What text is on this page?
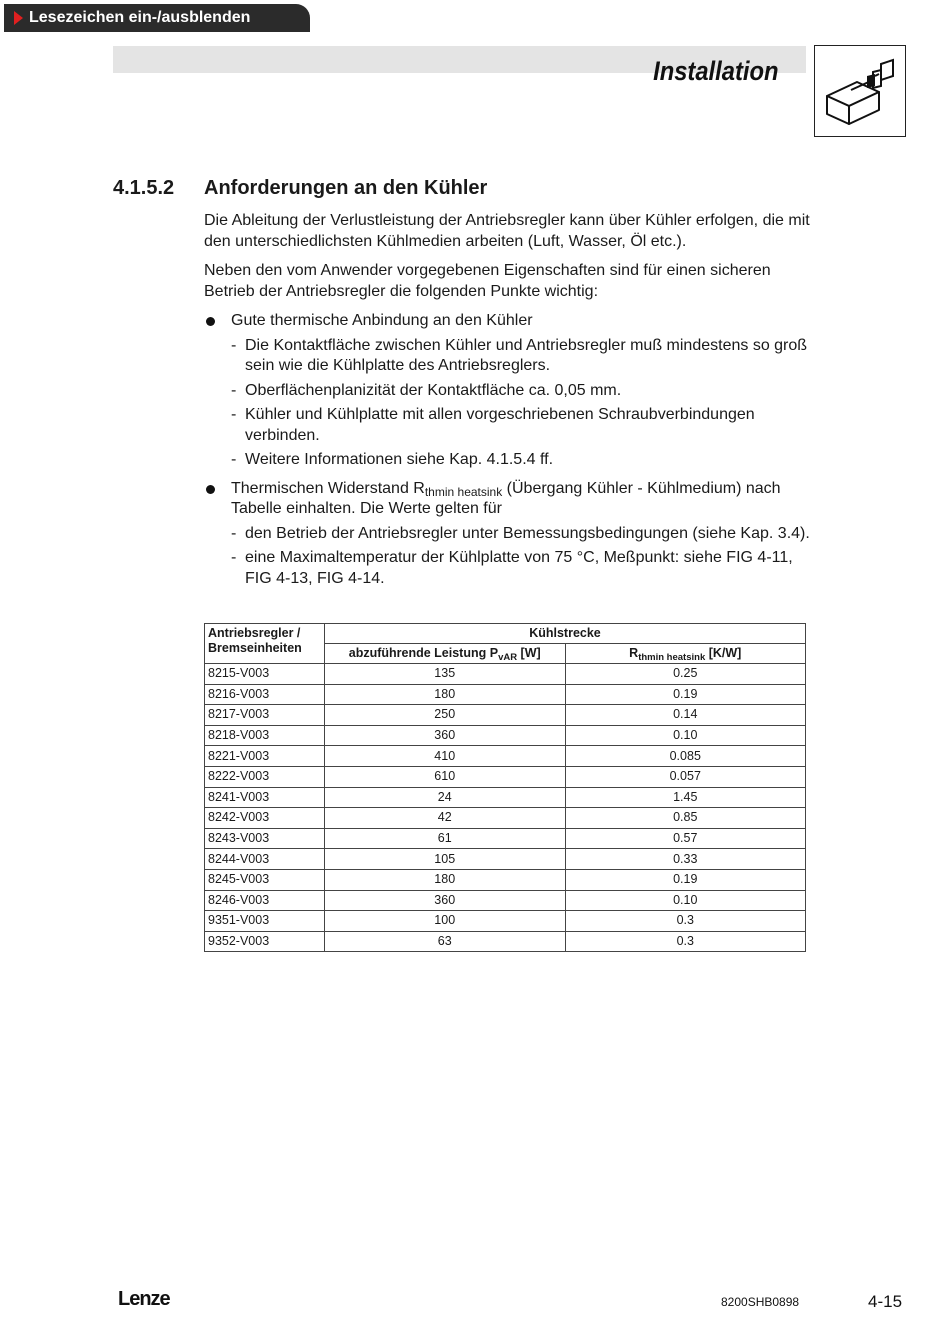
Lesezeichen ein-/ausblenden
Installation
4.1.5.2 Anforderungen an den Kühler

Die Ableitung der Verlustleistung der Antriebsregler kann über Kühler erfolgen, die mit den unterschiedlichsten Kühlmedien arbeiten (Luft, Wasser, Öl etc.).

Neben den vom Anwender vorgegebenen Eigenschaften sind für einen sicheren Betrieb der Antriebsregler die folgenden Punkte wichtig:

Gute thermische Anbindung an den Kühler
- Die Kontaktfläche zwischen Kühler und Antriebsregler muß mindestens so groß sein wie die Kühlplatte des Antriebsreglers.
- Oberflächenplanizität der Kontaktfläche ca. 0,05 mm.
- Kühler und Kühlplatte mit allen vorgeschriebenen Schraubverbindungen verbinden.
- Weitere Informationen siehe Kap. 4.1.5.4 ff.
Thermischen Widerstand $R_{thmin heatsink}$ (Übergang Kühler - Kühlmedium) nach Tabelle einhalten. Die Werte gelten für
- den Betrieb der Antriebsregler unter Bemessungsbedingungen (siehe Kap. 3.4).
- eine Maximaltemperatur der Kühlplatte von 75 °C, Meßpunkt: siehe FIG 4-11, FIG 4-13, FIG 4-14.
Antriebsregler / Bremseinheiten	Kühlstrecke	
	abzuführende Leistung $P_{vAR}$ [W]	$R_{thmin heatsink}$ [K/W]
8215-V003	135	0.25
8216-V003	180	0.19
8217-V003	250	0.14
8218-V003	360	0.10
8221-V003	410	0.085
8222-V003	610	0.057
8241-V003	24	1.45
8242-V003	42	0.85
8243-V003	61	0.57
8244-V003	105	0.33
8245-V003	180	0.19
8246-V003	360	0.10
9351-V003	100	0.3
9352-V003	63	0.3
Lenze	8200SHB0898	4-15
